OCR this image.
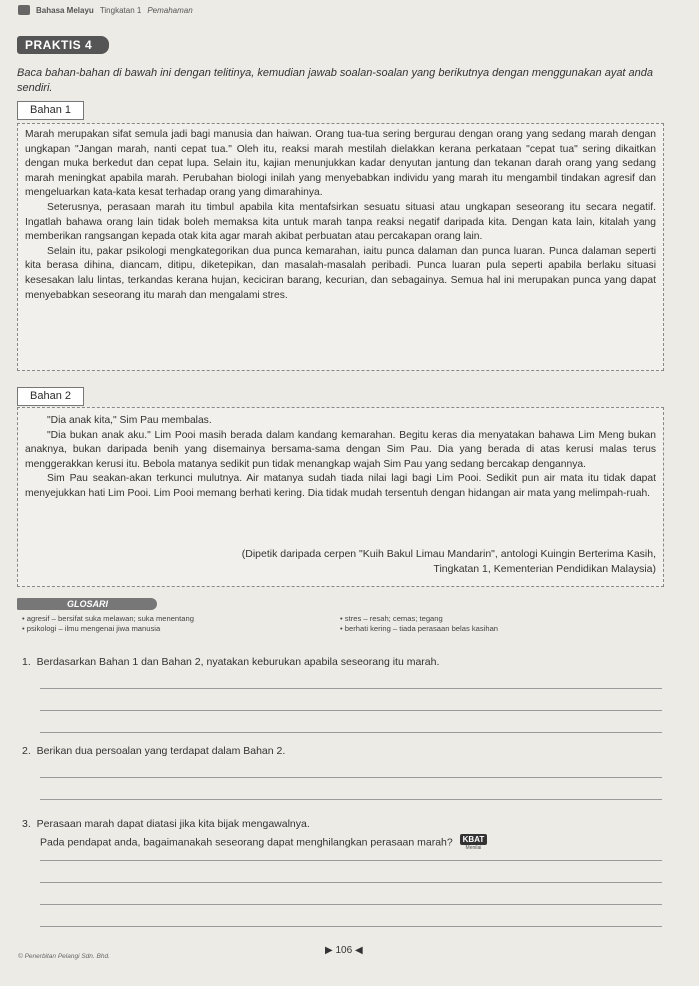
Bahasa Melayu Tingkatan 1 Pemahaman
PRAKTIS 4
Baca bahan-bahan di bawah ini dengan telitinya, kemudian jawab soalan-soalan yang berikutnya dengan menggunakan ayat anda sendiri.
Bahan 1

Marah merupakan sifat semula jadi bagi manusia dan haiwan. Orang tua-tua sering bergurau dengan orang yang sedang marah dengan ungkapan "Jangan marah, nanti cepat tua." Oleh itu, reaksi marah mestilah dielakkan kerana perkataan "cepat tua" sering dikaitkan dengan muka berkedut dan cepat lupa. Selain itu, kajian menunjukkan kadar denyutan jantung dan tekanan darah orang yang sedang marah meningkat apabila marah. Perubahan biologi inilah yang menyebabkan individu yang marah itu mengambil tindakan agresif dan mengeluarkan kata-kata kesat terhadap orang yang dimarahinya.

Seterusnya, perasaan marah itu timbul apabila kita mentafsirkan sesuatu situasi atau ungkapan seseorang itu secara negatif. Ingatlah bahawa orang lain tidak boleh memaksa kita untuk marah tanpa reaksi negatif daripada kita. Dengan kata lain, kitalah yang memberikan rangsangan kepada otak kita agar marah akibat perbuatan atau percakapan orang lain.

Selain itu, pakar psikologi mengkategorikan dua punca kemarahan, iaitu punca dalaman dan punca luaran. Punca dalaman seperti kita berasa dihina, diancam, ditipu, diketepikan, dan masalah-masalah peribadi. Punca luaran pula seperti apabila berlaku situasi kesesakan lalu lintas, terkandas kerana hujan, keciciran barang, kecurian, dan sebagainya. Semua hal ini merupakan punca yang dapat menyebabkan seseorang itu marah dan mengalami stres.

Bahan 2

"Dia anak kita," Sim Pau membalas.

"Dia bukan anak aku." Lim Pooi masih berada dalam kandang kemarahan. Begitu keras dia menyatakan bahawa Lim Meng bukan anaknya, bukan daripada benih yang disemainya bersama-sama dengan Sim Pau. Dia yang berada di atas kerusi malas terus menggerakkan kerusi itu. Bebola matanya sedikit pun tidak menangkap wajah Sim Pau yang sedang bercakap dengannya.

Sim Pau seakan-akan terkunci mulutnya. Air matanya sudah tiada nilai lagi bagi Lim Pooi. Sedikit pun air mata itu tidak dapat menyejukkan hati Lim Pooi. Lim Pooi memang berhati kering. Dia tidak mudah tersentuh dengan hidangan air mata yang melimpah-ruah.

(Dipetik daripada cerpen "Kuih Bakul Limau Mandarin", antologi Kuingin Berterima Kasih,
Tingkatan 1, Kementerian Pendidikan Malaysia)
GLOSARI
• agresif – bersifat suka melawan; suka menentang
• psikologi – ilmu mengenai jiwa manusia
• stres – resah; cemas; tegang
• berhati kering – tiada perasaan belas kasihan
1. Berdasarkan Bahan 1 dan Bahan 2, nyatakan keburukan apabila seseorang itu marah.
2. Berikan dua persoalan yang terdapat dalam Bahan 2.
3. Perasaan marah dapat diatasi jika kita bijak mengawalnya.
Pada pendapat anda, bagaimanakah seseorang dapat menghilangkan perasaan marah?	KBAT
Menilai
© Penerbitan Pelangi Sdn. Bhd.
▶ 106 ◀
